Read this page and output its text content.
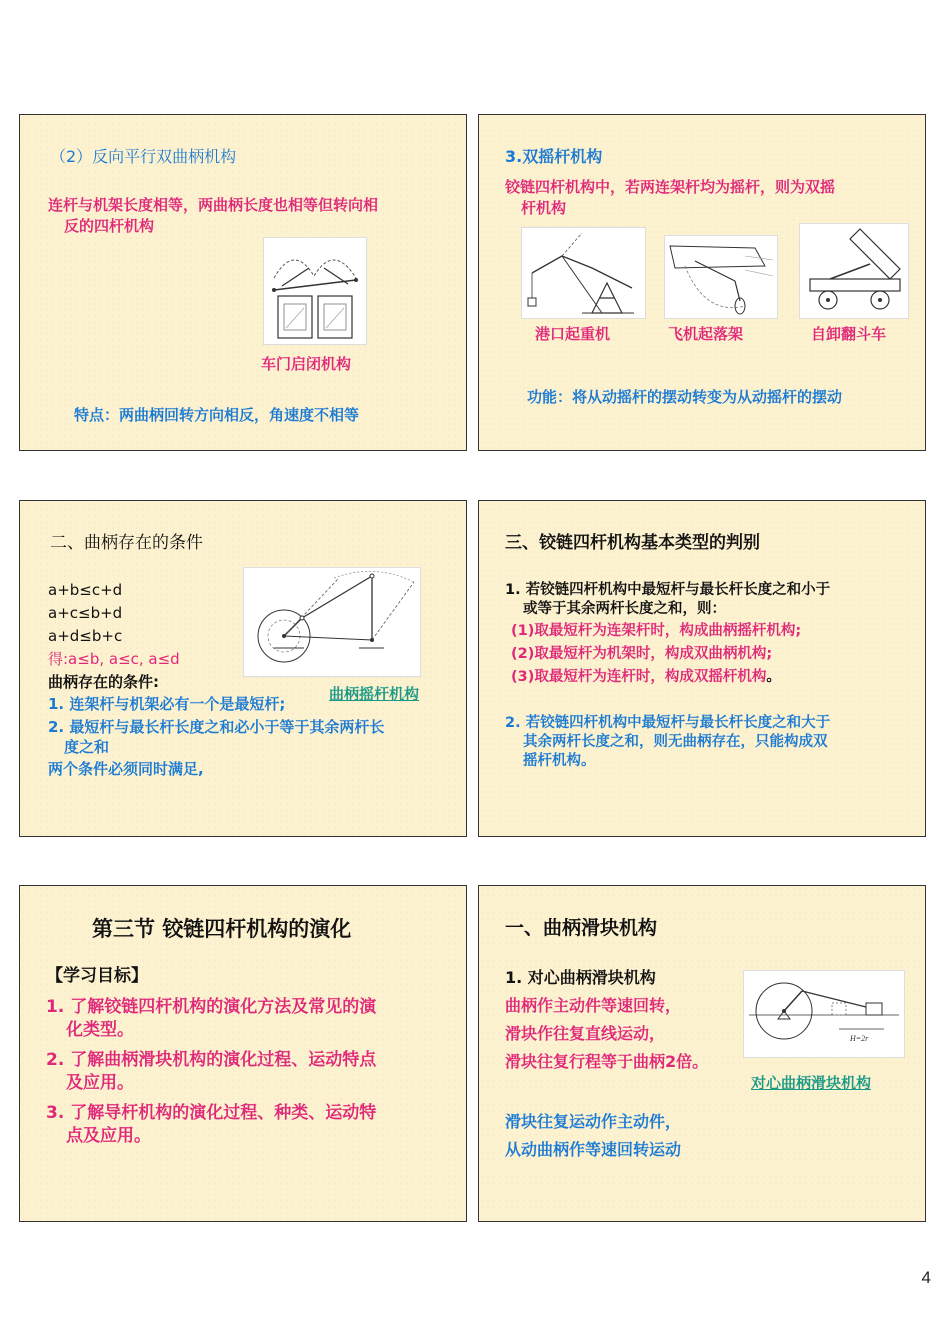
（2）反向平行双曲柄机构
连杆与机架长度相等，两曲柄长度也相等但转向相
反的四杆机构
车门启闭机构
特点：两曲柄回转方向相反，角速度不相等
3.双摇杆机构
铰链四杆机构中，若两连架杆均为摇杆，则为双摇
杆机构
港口起重机	飞机起落架	自卸翻斗车
功能：将从动摇杆的摆动转变为从动摇杆的摆动
二、曲柄存在的条件
a+b≤c+d
a+c≤b+d
a+d≤b+c
得:a≤b, a≤c, a≤d
曲柄存在的条件:
1. 连架杆与机架必有一个是最短杆;
2. 最短杆与最长杆长度之和必小于等于其余两杆长
度之和
两个条件必须同时满足,
曲柄摇杆机构
三、铰链四杆机构基本类型的判别
1. 若铰链四杆机构中最短杆与最长杆长度之和小于
或等于其余两杆长度之和，则：
(1)取最短杆为连架杆时，构成曲柄摇杆机构;
(2)取最短杆为机架时，构成双曲柄机构;
(3)取最短杆为连杆时，构成双摇杆机构。
2. 若铰链四杆机构中最短杆与最长杆长度之和大于
其余两杆长度之和，则无曲柄存在，只能构成双
摇杆机构。
第三节 铰链四杆机构的演化
【学习目标】
1. 了解铰链四杆机构的演化方法及常见的演
化类型。
2. 了解曲柄滑块机构的演化过程、运动特点
及应用。
3. 了解导杆机构的演化过程、种类、运动特
点及应用。
一、曲柄滑块机构
1. 对心曲柄滑块机构
曲柄作主动件等速回转，
滑块作往复直线运动，
滑块往复行程等于曲柄2倍。
H=2r
对心曲柄滑块机构
滑块往复运动作主动件，
从动曲柄作等速回转运动
4
